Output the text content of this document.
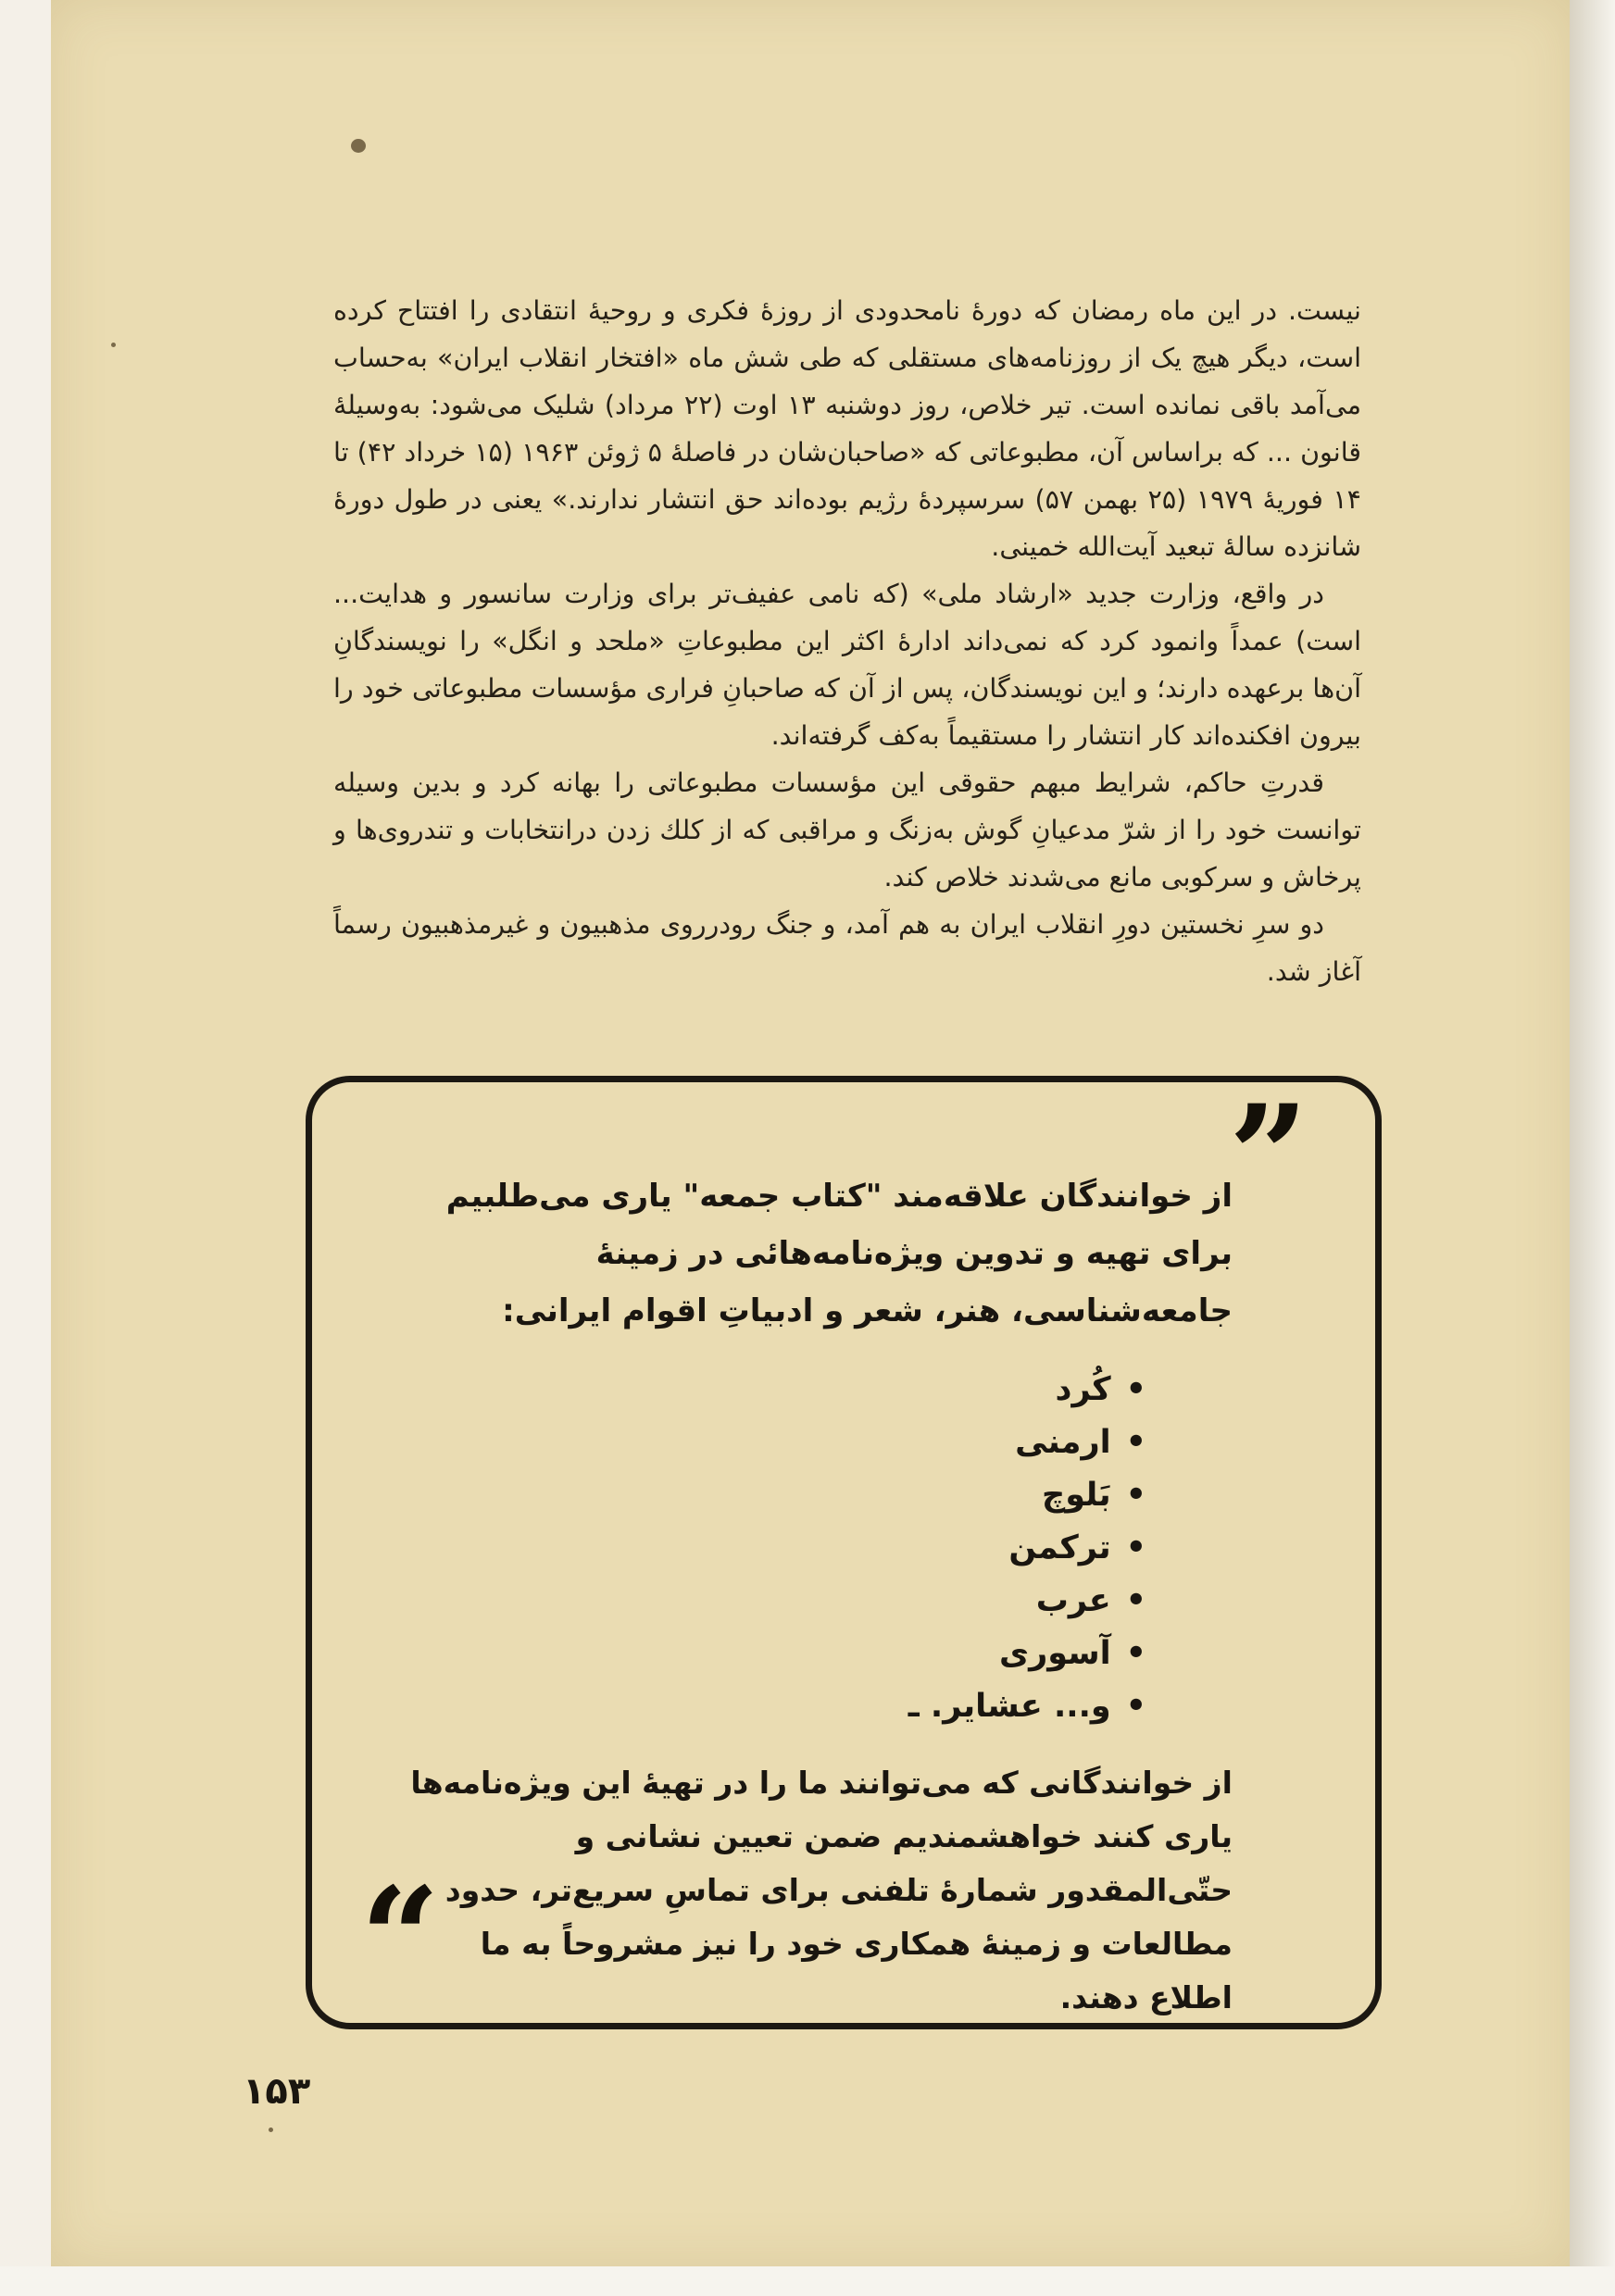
نیست. در این ماه رمضان که دورهٔ نامحدودی از روزهٔ فکری و روحیهٔ انتقادی را افتتاح کرده است، دیگر هیچ یک از روزنامه‌های مستقلی که طی شش ماه «افتخار انقلاب ایران» به‌حساب می‌آمد باقی نمانده است. تیر خلاص، روز دوشنبه ۱۳ اوت (۲۲ مرداد) شلیک می‌شود: به‌وسیلهٔ قانون ... که براساس آن، مطبوعاتی که «صاحبان‌شان در فاصلهٔ ۵ ژوئن ۱۹۶۳ (۱۵ خرداد ۴۲) تا ۱۴ فوریهٔ ۱۹۷۹ (۲۵ بهمن ۵۷) سرسپردهٔ رژیم بوده‌اند حق انتشار ندارند.» یعنی در طول دورهٔ شانزده سالهٔ تبعید آیت‌الله خمینی.

در واقع، وزارت جدید «ارشاد ملی» (که نامی عفیف‌تر برای وزارت سانسور و هدایت... است) عمداً وانمود کرد که نمی‌داند ادارهٔ اکثر این مطبوعاتِ «ملحد و انگل» را نویسندگانِ آن‌ها برعهده دارند؛ و این نویسندگان، پس از آن که صاحبانِ فراری مؤسسات مطبوعاتی خود را بیرون افکنده‌اند کار انتشار را مستقیماً به‌کف گرفته‌اند.

قدرتِ حاکم، شرایط مبهم حقوقی این مؤسسات مطبوعاتی را بهانه کرد و بدین وسیله توانست خود را از شرّ مدعیانِ گوش به‌زنگ و مراقبی که از کلك زدن درانتخابات و تندروی‌ها و پرخاش و سرکوبی مانع می‌شدند خلاص کند.

دو سرِ نخستین دورِ انقلاب ایران به هم آمد، و جنگ رودرروی مذهبیون و غیرمذهبیون رسماً آغاز شد.

”

از خوانندگان علاقه‌مند "کتاب جمعه" یاری می‌طلبیم برای تهیه و تدوین ویژه‌نامه‌هائی در زمینهٔ جامعه‌شناسی، هنر، شعر و ادبیاتِ اقوام ایرانی:

•کُرد
•ارمنی
•بَلوچ
•ترکمن
•عرب
•آسوری
•و... عشایر. ـ

از خوانندگانی که می‌توانند ما را در تهیهٔ این ویژه‌نامه‌ها یاری کنند خواهشمندیم ضمن تعیین نشانی و حتّی‌المقدور شمارهٔ تلفنی برای تماسِ سریع‌تر، حدود مطالعات و زمینهٔ همکاری خود را نیز مشروحاً به ما اطلاع دهند.

“
۱۵۳
